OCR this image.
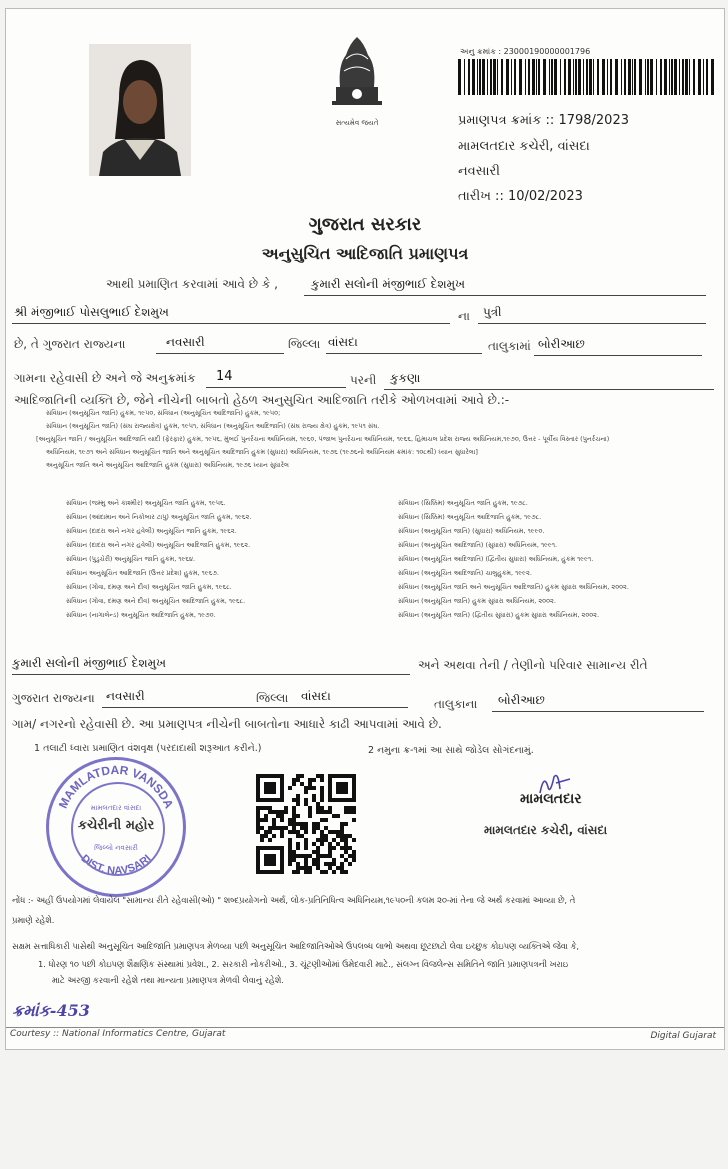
સત્યમેવ જયતે
અનુ ક્રમાંક : 23000190000001796
પ્રમાણપત્ર ક્રમાંક :: 1798/2023
મામલતદાર કચેરી, વાંસદા
નવસારી
તારીખ :: 10/02/2023
ગુજરાત સરકાર
અનુસુચિત આદિજાતિ પ્રમાણપત્ર
આથી પ્રમાણિત કરવામાં આવે છે કે ,	કુમારી સલોની મંજીભાઈ દેશમુખ
શ્રી મંજીભાઈ પોસલુભાઈ દેશમુખ	ના પુત્રી
છે, તે ગુજરાત રાજ્યના	નવસારી	જિલ્લા વાંસદા	તાલુકામાં બોરીઆછ
ગામના રહેવાસી છે અને જે અનુક્રમાંક 14	પરની કુકણા
આદિજાતિની વ્યક્તિ છે, જેને નીચેની બાબતો હેઠળ અનુસુચિત આદિજાતિ તરીકે ઓળખવામાં આવે છે.:-
સંવિધાન (અનુસૂચિત જાતિ) હુકમ, ૧૯૫૦, સંવિધાન (અનુસૂચિત આદિજાતિ) હુકમ, ૧૯૫૦;
સંવિધાન (અનુસૂચિત જાતિ) (સંઘ રાજ્યક્ષેત્ર) હુકમ, ૧૯૫૧, સંવિધાન (અનુસૂચિત આદિજાતિ) (સંઘ રાજ્ય ક્ષેત્ર) હુકમ, ૧૯૫૧ સંઘ.
[અનુસૂચિત જાતિ / અનુસૂચિત આદિજાતિ યાદી (ફેરફાર) હુકમ, ૧૯૫૬, મુંબઈ પુનર્રચના અધિનિયમ, ૧૯૬૦, પંજાબ પુનર્રચના અધિનિયમ, ૧૯૬૬, હિમાચલ પ્રદેશ રાજ્ય અધિનિયમ,૧૯૭૦, ઉત્તર - પૂર્વીય વિસ્તાર (પુનર્રચના)
અધિનિયમ, ૧૯૭૧ અને સંવિધાન અનુસૂચિત જાતિ અને અનુસૂચિત આદિજાતિ હુકમ (સુધારા) અધિનિયમ, ૧૯૭૬ (૧૯૭૬નો અધિનિયમ ક્રમાંક: ૧૦૮થી) ધ્યાન સુધારેલા]
અનુસૂચિત જાતિ અને અનુસૂચિત આદિજાતિ હુકમ (સુધારા) અધિનિયમ, ૧૯૭૬ ધ્યાન સુધારેલ
સંવિધાન (જમ્મુ અને કાશ્મીર) અનુસૂચિત જાતિ હુકમ, ૧૯૫૬.
સંવિધાન (આંદામાન અને નિકોબાર ટાપુ) અનુસૂચિત જાતિ હુકમ, ૧૯૬૨.
સંવિધાન (દાદરા અને નગર હવેલી) અનુસૂચિત જાતિ હુકમ, ૧૯૬૨.
સંવિધાન (દાદરા અને નગર હવેલી) અનુસૂચિત આદિજાતિ હુકમ, ૧૯૬૨.
સંવિધાન (પુડુચેરી) અનુસૂચિત જાતિ હુકમ, ૧૯૬૪.
સંવિધાન અનુસૂચિત આદિજાતિ (ઉત્તર પ્રદેશ) હુકમ, ૧૯૬૭.
સંવિધાન (ગોવા, દમણ અને દીવ) અનુસૂચિત જાતિ હુકમ, ૧૯૬૮.
સંવિધાન (ગોવા, દમણ અને દીવ) અનુસૂચિત આદિજાતિ હુકમ, ૧૯૬૮.
સંવિધાન (નાગાલેન્ડ) અનુસૂચિત આદિજાતિ હુકમ, ૧૯૭૦.
સંવિધાન (સિક્કિમ) અનુસૂચિત જાતિ હુકમ, ૧૯૭૮.
સંવિધાન (સિક્કિમ) અનુસૂચિત આદિજાતિ હુકમ, ૧૯૭૮.
સંવિધાન (અનુસૂચિત જાતિ) (સુધારા) અધિનિયમ, ૧૯૯૦.
સંવિધાન (અનુસૂચિત આદિજાતિ) (સુધારા) અધિનિયમ, ૧૯૯૧.
સંવિધાન (અનુસૂચિત આદિજાતિ) (દ્વિતીય સુધારા) અધિનિયમ, હુકમ ૧૯૯૧.
સંવિધાન (અનુસૂચિત આદિજાતિ) ચાલુહુકમ, ૧૯૯૨.
સંવિધાન (અનુસૂચિત જાતિ અને અનુસૂચિત આદિજાતિ) હુકમ સુધારા અધિનિયમ, ૨૦૦૨.
સંવિધાન (અનુસૂચિત જાતિ) હુકમ સુધારા અધિનિયમ, ૨૦૦૨.
સંવિધાન (અનુસૂચિત જાતિ) (દ્વિતીય સુધારા) હુકમ સુધારા અધિનિયમ, ૨૦૦૨.
કુમારી સલોની મંજીભાઈ દેશમુખ	અને અથવા તેની / તેણીનો પરિવાર સામાન્ય રીતે
ગુજરાત રાજ્યના નવસારી	જિલ્લા વાંસદા
તાલુકાના બોરીઆછ
ગામ/ નગરનો રહેવાસી છે. આ પ્રમાણપત્ર નીચેની બાબતોના આધારે કાઢી આપવામાં આવે છે.
1 તલાટી ધ્વારા પ્રમાણિત વંશવૃક્ષ (પરદાદાથી શરૂઆત કરીને.)	2 નમુના ક્ર-૧માં આ સાથે જોડેલ સોગંદનામું.
MAMLATDAR VANSDA
DIST. NAVSARI
મામલતદાર વાંસદા
કચેરીની મહોર
જિલ્લો નવસારી
મામલતદાર
મામલતદાર કચેરી, વાંસદા
નોંધ :- અહીં ઉપયોગમાં લેવાયેલ "સામાન્ય રીતે રહેવાસી(ઓ) " શબ્દપ્રયોગનો અર્થ, લોક-પ્રતિનિધિત્વ અધિનિયમ,૧૯૫૦ની કલમ ૨૦-માં તેના જે અર્થ કરવામાં આવ્યા છે, તે
પ્રમાણે રહેશે.
સક્ષમ સત્તાધિકારી પાસેથી અનુસૂચિત આદિજાતિ પ્રમાણપત્ર મેળવ્યા પછી અનુસૂચિત આદિજાતિઓએ ઉપલબ્ધ લાભો અથવા છૂટછાટો લેવા ઇચ્છુક કોઇપણ વ્યક્તિએ જેવા કે,
1. ધોરણ ૧૦ પછી કોઇપણ શૈક્ષણિક સંસ્થામાં પ્રવેશ., 2. સરકારી નોકરીઓ., 3. ચૂંટણીઓમાં ઉમેદવારી માટે., સંલગ્ન વિજલેન્સ સમિતિને જાતિ પ્રમાણપત્રની ખરાઇ
માટે અરજી કરવાની રહેશે તથા માન્યતા પ્રમાણપત્ર મેળવી લેવાનું રહેશે.
ક્રમાંક-453
Courtesy :: National Informatics Centre, Gujarat	Digital Gujarat
